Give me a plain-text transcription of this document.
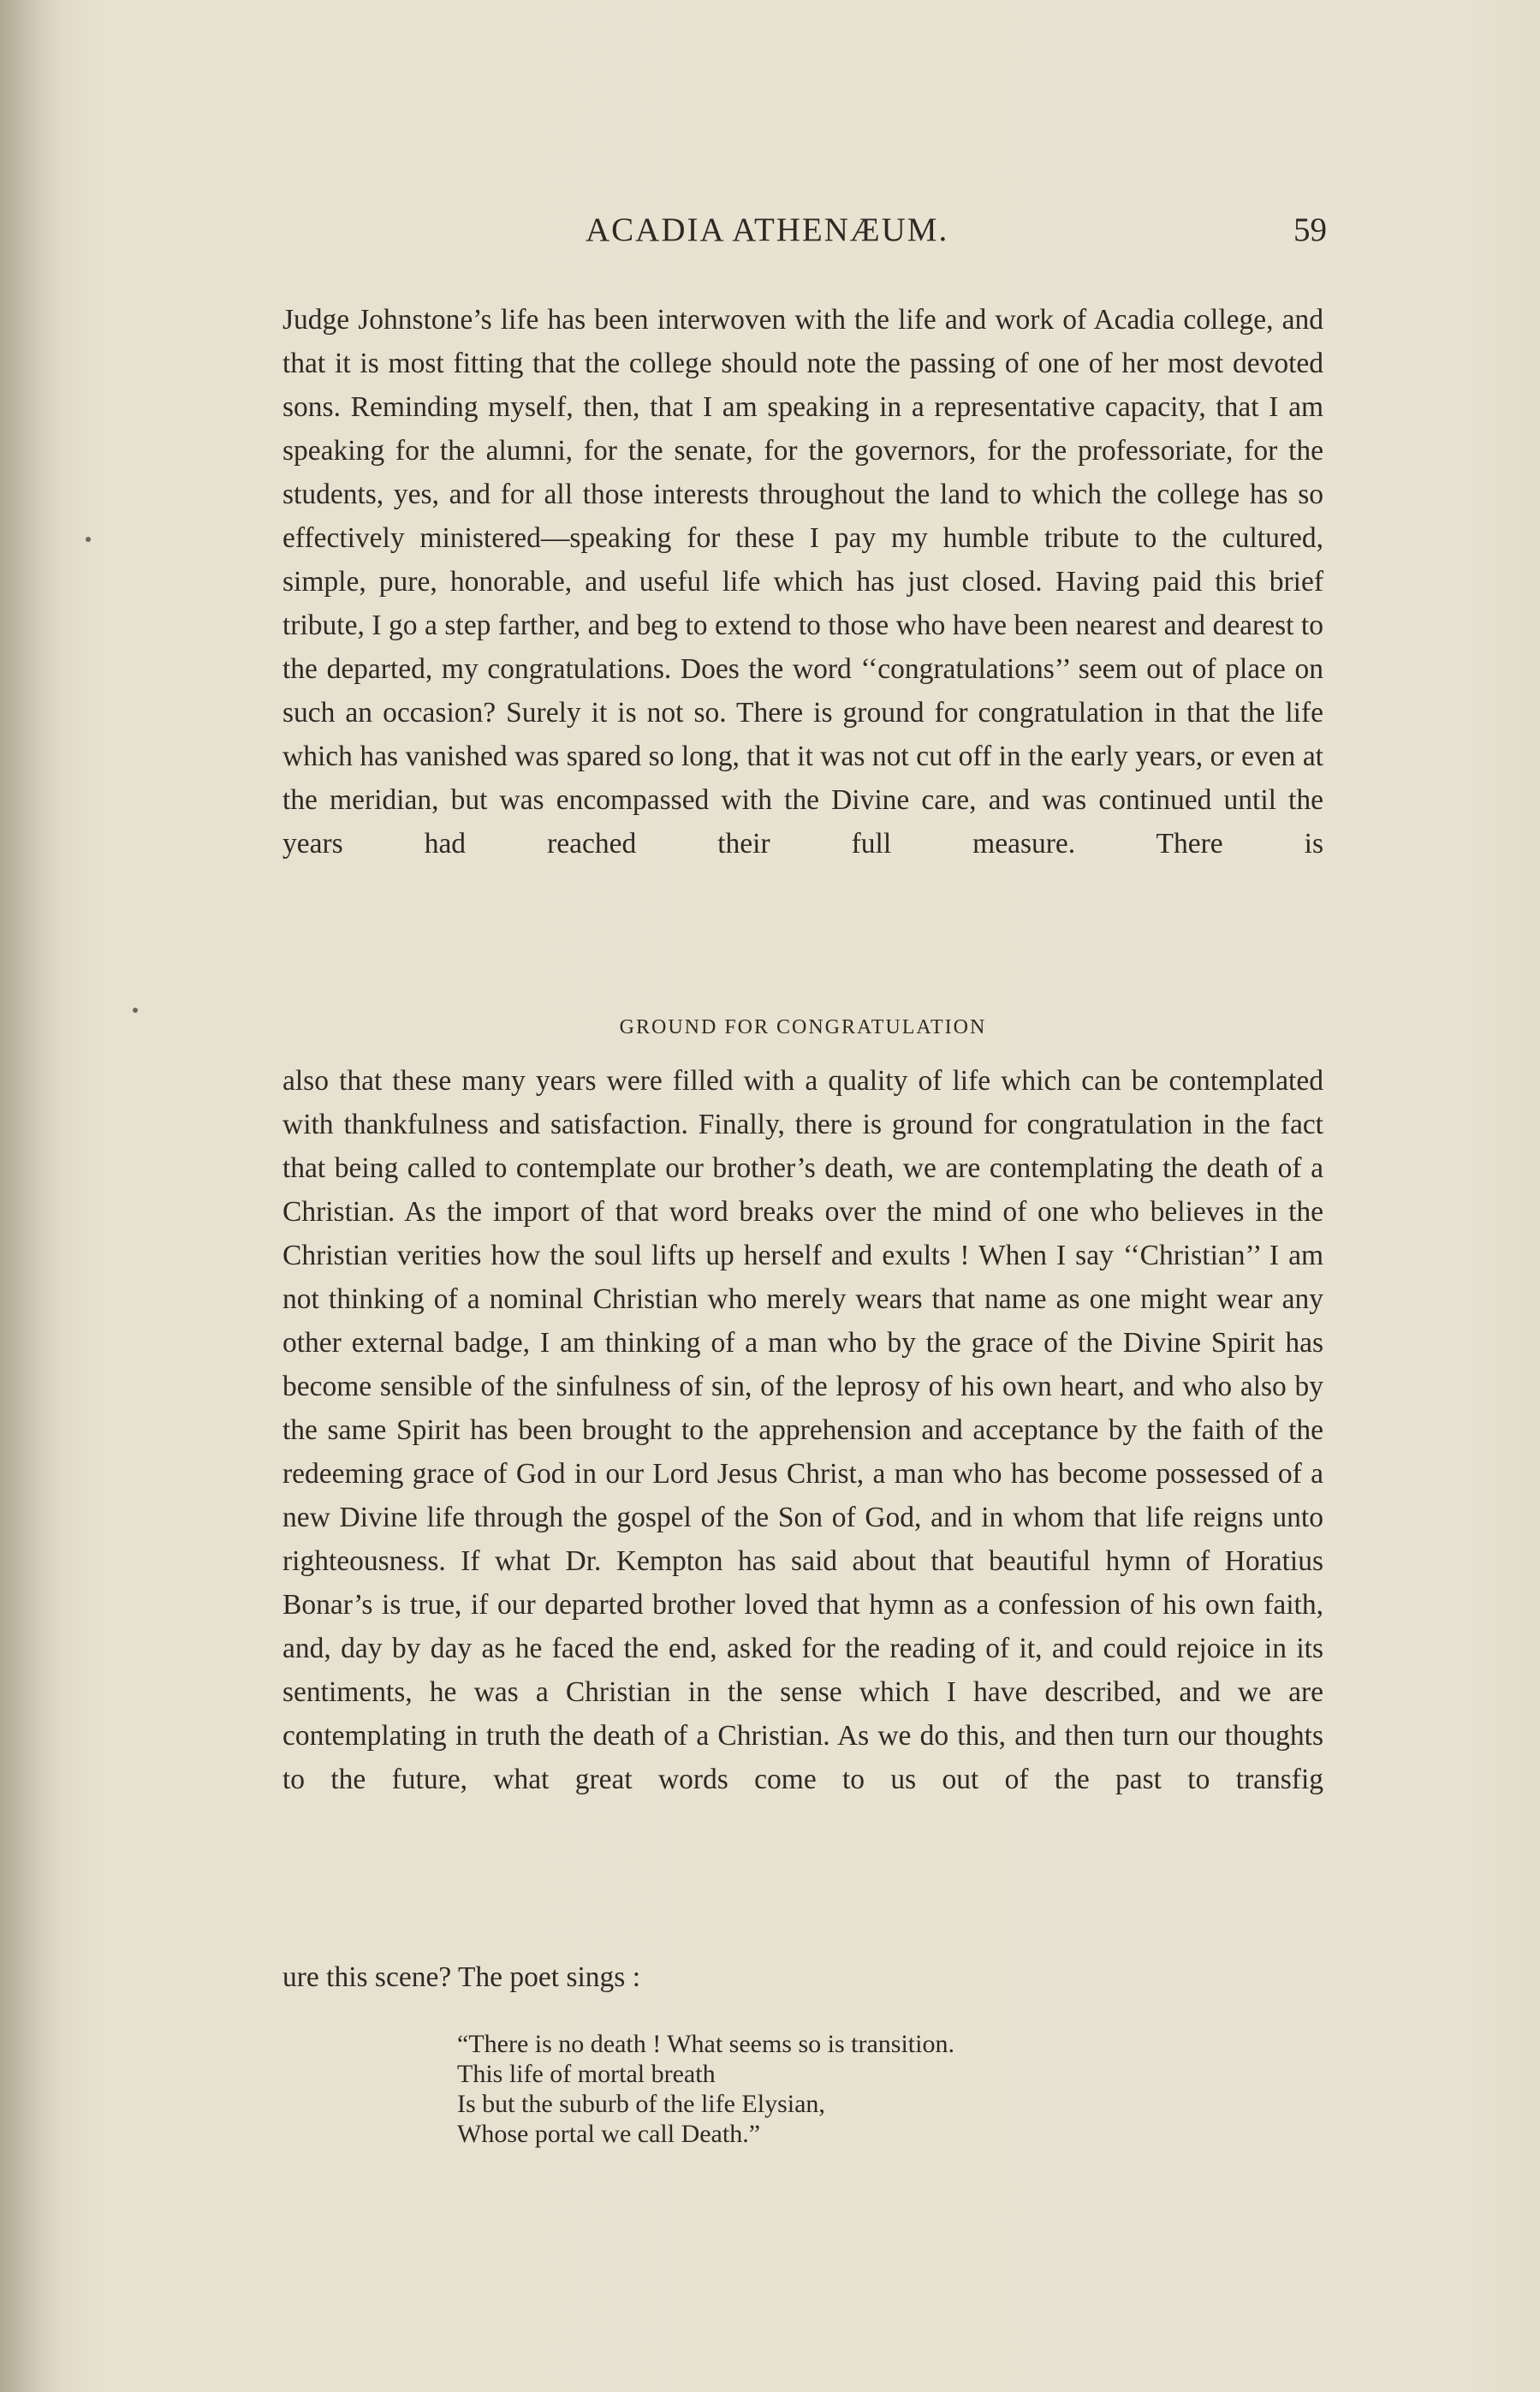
ACADIA ATHENÆUM.	59

Judge Johnstone’s life has been interwoven with the life and work of Acadia college, and that it is most fitting that the college should note the passing of one of her most devoted sons. Reminding myself, then, that I am speaking in a representative capacity, that I am speaking for the alumni, for the senate, for the governors, for the professoriate, for the students, yes, and for all those interests throughout the land to which the college has so effectively ministered—speaking for these I pay my humble tribute to the cultured, simple, pure, honorable, and useful life which has just closed. Having paid this brief tribute, I go a step farther, and beg to extend to those who have been nearest and dearest to the departed, my congratulations. Does the word ‘‘congratulations’’ seem out of place on such an occasion? Surely it is not so. There is ground for congratulation in that the life which has vanished was spared so long, that it was not cut off in the early years, or even at the meridian, but was encompassed with the Divine care, and was continued until the years had reached their full measure. There is

GROUND FOR CONGRATULATION

also that these many years were filled with a quality of life which can be contemplated with thankfulness and satisfaction. Finally, there is ground for congratulation in the fact that being called to contemplate our brother’s death, we are contemplating the death of a Christian. As the import of that word breaks over the mind of one who believes in the Christian verities how the soul lifts up herself and exults ! When I say ‘‘Christian’’ I am not thinking of a nominal Christian who merely wears that name as one might wear any other external badge, I am thinking of a man who by the grace of the Divine Spirit has become sensible of the sinfulness of sin, of the leprosy of his own heart, and who also by the same Spirit has been brought to the apprehension and acceptance by the faith of the redeeming grace of God in our Lord Jesus Christ, a man who has become possessed of a new Divine life through the gospel of the Son of God, and in whom that life reigns unto righteousness. If what Dr. Kempton has said about that beautiful hymn of Horatius Bonar’s is true, if our departed brother loved that hymn as a confession of his own faith, and, day by day as he faced the end, asked for the reading of it, and could rejoice in its sentiments, he was a Christian in the sense which I have described, and we are contemplating in truth the death of a Christian. As we do this, and then turn our thoughts to the future, what great words come to us out of the past to transfig

ure this scene? The poet sings :

“There is no death ! What seems so is transition.
This life of mortal breath
Is but the suburb of the life Elysian,
Whose portal we call Death.”
